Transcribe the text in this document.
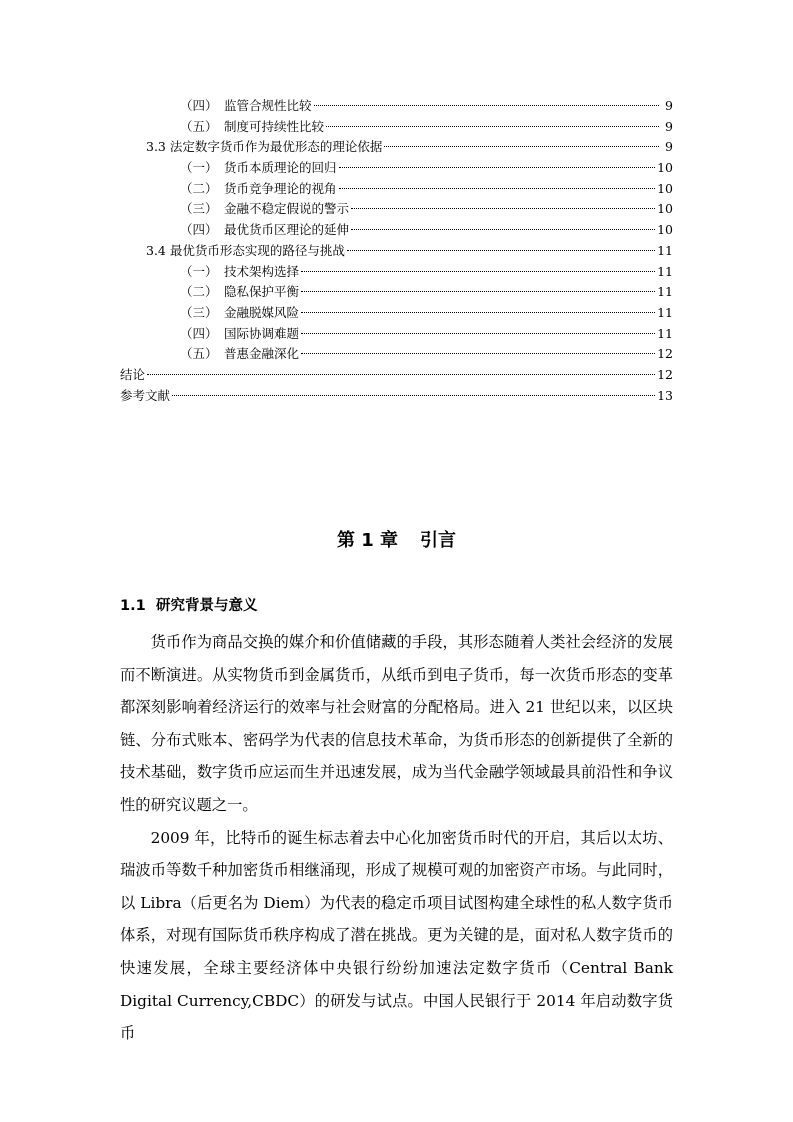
（四） 监管合规性比较	9
（五） 制度可持续性比较	9
3.3 法定数字货币作为最优形态的理论依据	9
（一） 货币本质理论的回归	10
（二） 货币竞争理论的视角	10
（三） 金融不稳定假说的警示	10
（四） 最优货币区理论的延伸	10
3.4 最优货币形态实现的路径与挑战	11
（一） 技术架构选择	11
（二） 隐私保护平衡	11
（三） 金融脱媒风险	11
（四） 国际协调难题	11
（五） 普惠金融深化	12
结论	12
参考文献	13
第 1 章 引言
1.1 研究背景与意义

货币作为商品交换的媒介和价值储藏的手段，其形态随着人类社会经济的发展而不断演进。从实物货币到金属货币，从纸币到电子货币，每一次货币形态的变革都深刻影响着经济运行的效率与社会财富的分配格局。进入 21 世纪以来，以区块链、分布式账本、密码学为代表的信息技术革命，为货币形态的创新提供了全新的技术基础，数字货币应运而生并迅速发展，成为当代金融学领域最具前沿性和争议性的研究议题之一。

2009 年，比特币的诞生标志着去中心化加密货币时代的开启，其后以太坊、瑞波币等数千种加密货币相继涌现，形成了规模可观的加密资产市场。与此同时，以 Libra（后更名为 Diem）为代表的稳定币项目试图构建全球性的私人数字货币体系，对现有国际货币秩序构成了潜在挑战。更为关键的是，面对私人数字货币的快速发展，全球主要经济体中央银行纷纷加速法定数字货币（Central Bank Digital Currency,CBDC）的研发与试点。中国人民银行于 2014 年启动数字货币
